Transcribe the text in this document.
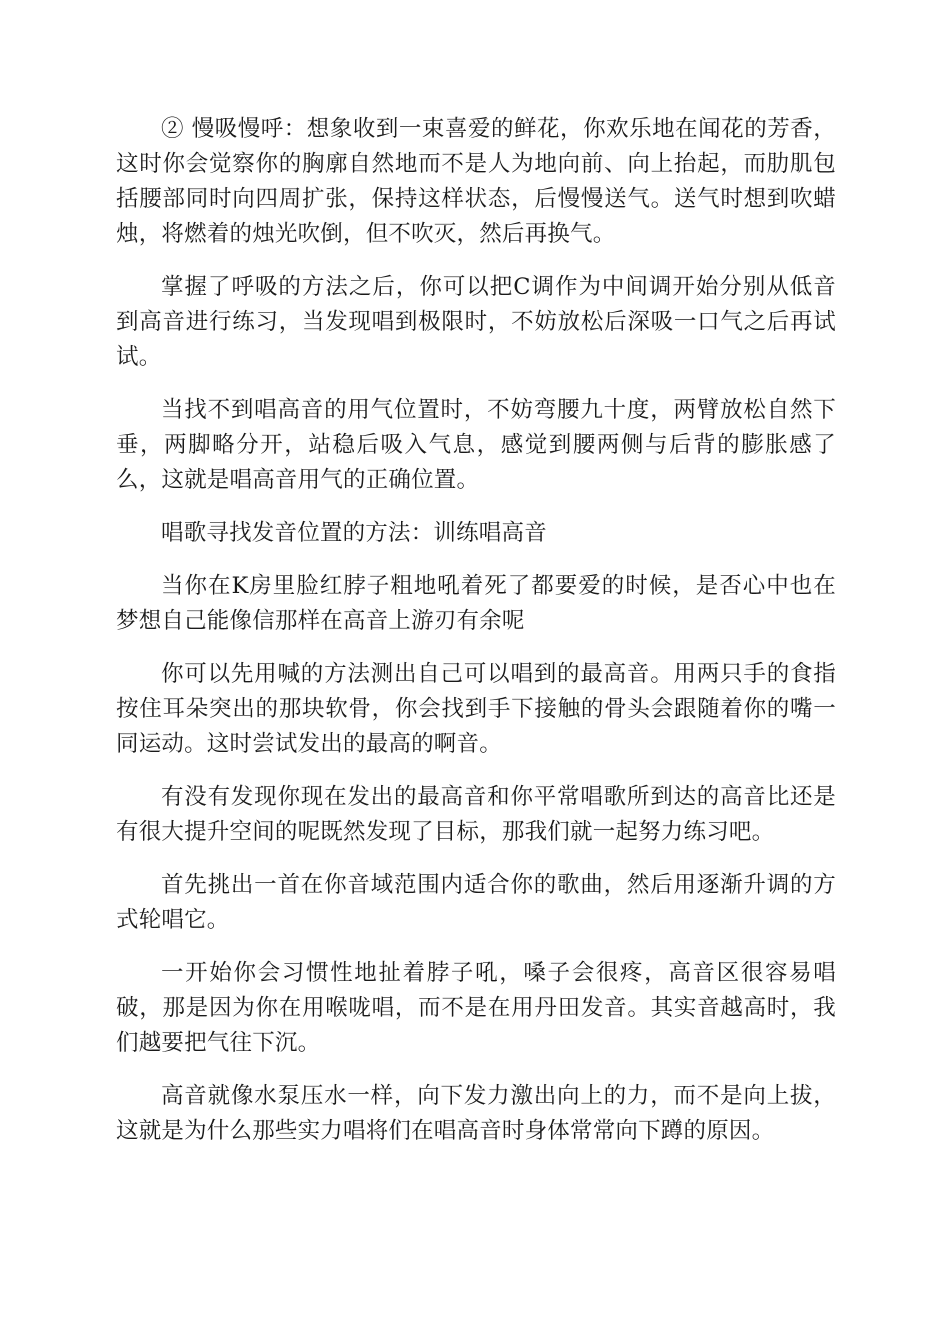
② 慢吸慢呼：想象收到一束喜爱的鲜花，你欢乐地在闻花的芳香，这时你会觉察你的胸廓自然地而不是人为地向前、向上抬起，而肋肌包括腰部同时向四周扩张，保持这样状态，后慢慢送气。送气时想到吹蜡烛，将燃着的烛光吹倒，但不吹灭，然后再换气。

掌握了呼吸的方法之后，你可以把C调作为中间调开始分别从低音到高音进行练习，当发现唱到极限时，不妨放松后深吸一口气之后再试试。

当找不到唱高音的用气位置时，不妨弯腰九十度，两臂放松自然下垂，两脚略分开，站稳后吸入气息，感觉到腰两侧与后背的膨胀感了么，这就是唱高音用气的正确位置。

唱歌寻找发音位置的方法：训练唱高音

当你在K房里脸红脖子粗地吼着死了都要爱的时候，是否心中也在梦想自己能像信那样在高音上游刃有余呢

你可以先用喊的方法测出自己可以唱到的最高音。用两只手的食指按住耳朵突出的那块软骨，你会找到手下接触的骨头会跟随着你的嘴一同运动。这时尝试发出的最高的啊音。

有没有发现你现在发出的最高音和你平常唱歌所到达的高音比还是有很大提升空间的呢既然发现了目标，那我们就一起努力练习吧。

首先挑出一首在你音域范围内适合你的歌曲，然后用逐渐升调的方式轮唱它。

一开始你会习惯性地扯着脖子吼，嗓子会很疼，高音区很容易唱破，那是因为你在用喉咙唱，而不是在用丹田发音。其实音越高时，我们越要把气往下沉。

高音就像水泵压水一样，向下发力激出向上的力，而不是向上拔，这就是为什么那些实力唱将们在唱高音时身体常常向下蹲的原因。
